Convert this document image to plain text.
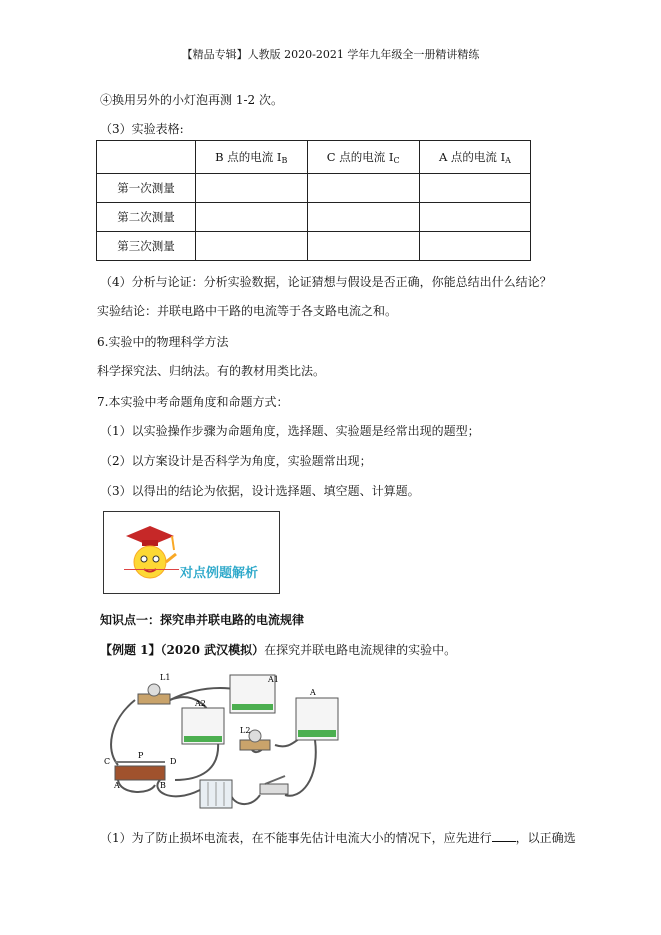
【精品专辑】人教版 2020-2021 学年九年级全一册精讲精练
④换用另外的小灯泡再测 1-2 次。
（3）实验表格:
	B 点的电流 $I_B$	C 点的电流 $I_C$	A 点的电流 $I_A$
第一次测量			
第二次测量			
第三次测量			
（4）分析与论证：分析实验数据，论证猜想与假设是否正确，你能总结出什么结论？
实验结论：并联电路中干路的电流等于各支路电流之和。
6.实验中的物理科学方法
科学探究法、归纳法。有的教材用类比法。
7.本实验中考命题角度和命题方式：
（1）以实验操作步骤为命题角度，选择题、实验题是经常出现的题型；
（2）以方案设计是否科学为角度，实验题常出现；
（3）以得出的结论为依据，设计选择题、填空题、计算题。
对点例题解析
知识点一：探究串并联电路的电流规律
【例题 1】（2020 武汉模拟）在探究并联电路电流规律的实验中。
L1	A1
A2
L2
A
P
C	D
A	B
（1）为了防止损坏电流表，在不能事先估计电流大小的情况下，应先进行 ，以正确选
